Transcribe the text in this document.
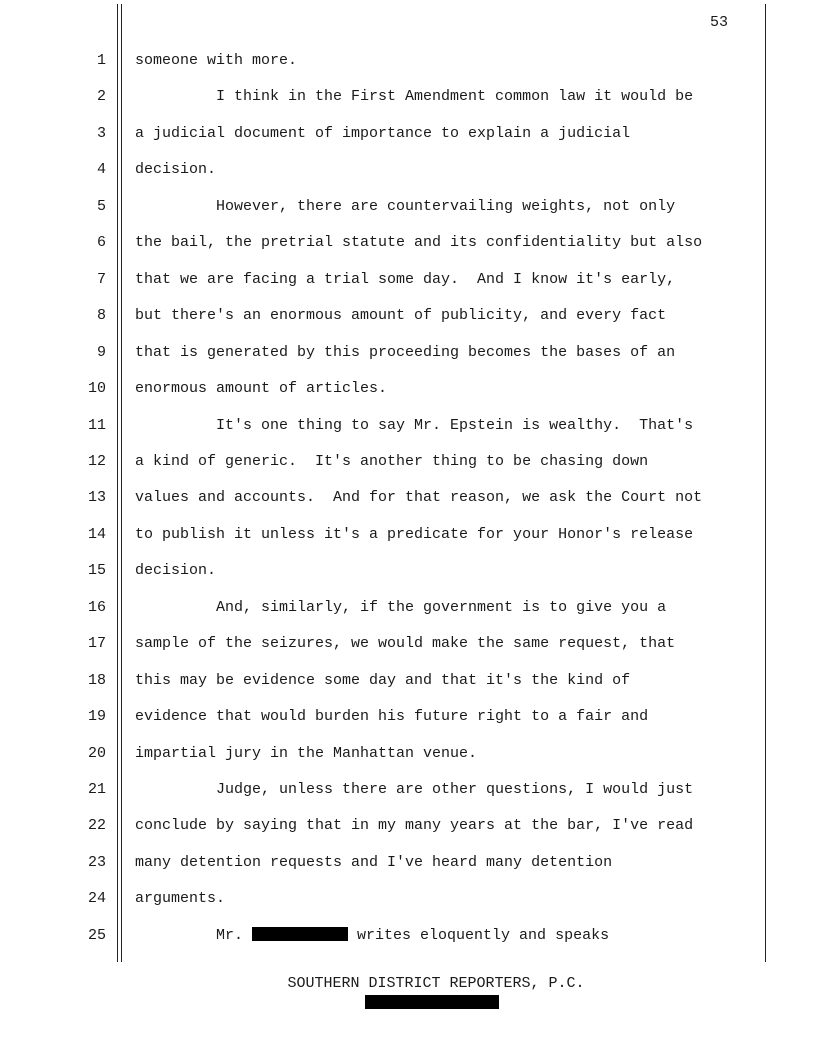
53
1 someone with more.
2 I think in the First Amendment common law it would be
3 a judicial document of importance to explain a judicial
4 decision.
5 However, there are countervailing weights, not only
6 the bail, the pretrial statute and its confidentiality but also
7 that we are facing a trial some day.  And I know it's early,
8 but there's an enormous amount of publicity, and every fact
9 that is generated by this proceeding becomes the bases of an
10 enormous amount of articles.
11 It's one thing to say Mr. Epstein is wealthy.  That's
12 a kind of generic.  It's another thing to be chasing down
13 values and accounts.  And for that reason, we ask the Court not
14 to publish it unless it's a predicate for your Honor's release
15 decision.
16 And, similarly, if the government is to give you a
17 sample of the seizures, we would make the same request, that
18 this may be evidence some day and that it's the kind of
19 evidence that would burden his future right to a fair and
20 impartial jury in the Manhattan venue.
21 Judge, unless there are other questions, I would just
22 conclude by saying that in my many years at the bar, I've read
23 many detention requests and I've heard many detention
24 arguments.
25 Mr.	writes eloquently and speaks
SOUTHERN DISTRICT REPORTERS, P.C.
